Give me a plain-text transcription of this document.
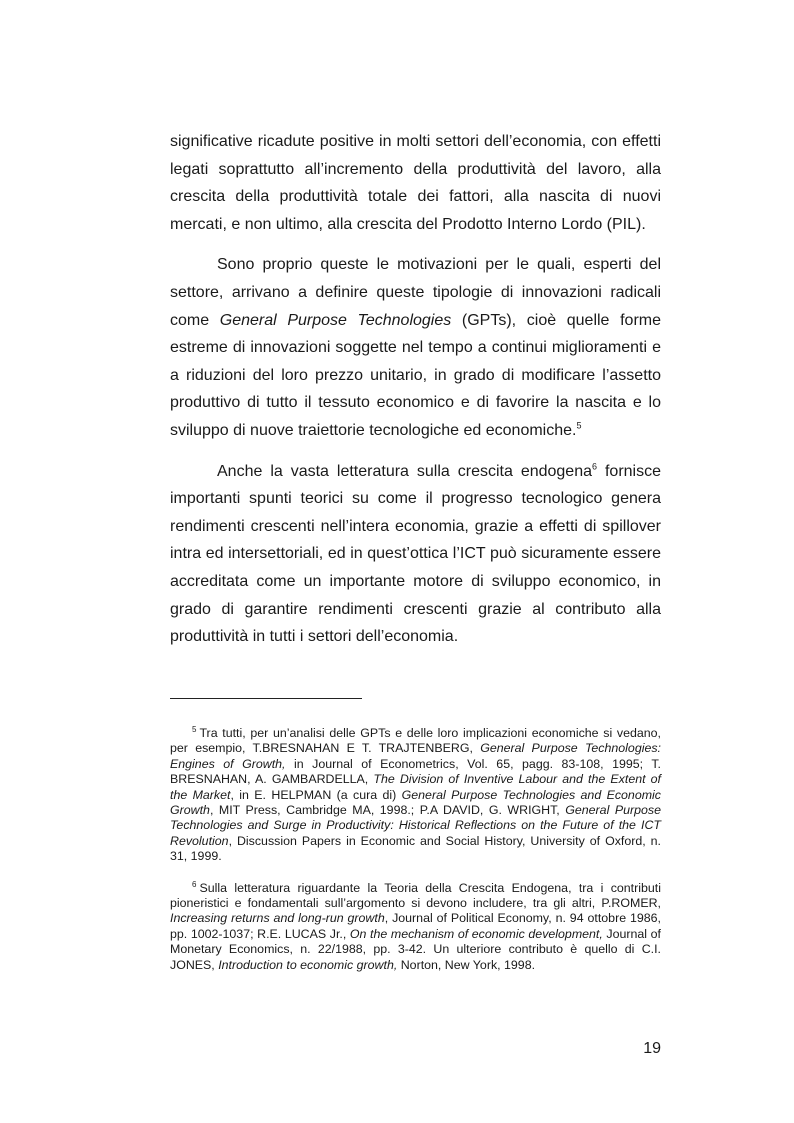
significative ricadute positive in molti settori dell’economia, con effetti legati soprattutto all’incremento della produttività del lavoro, alla crescita della produttività totale dei fattori, alla nascita di nuovi mercati, e non ultimo, alla crescita del Prodotto Interno Lordo (PIL).

Sono proprio queste le motivazioni per le quali, esperti del settore, arrivano a definire queste tipologie di innovazioni radicali come General Purpose Technologies (GPTs), cioè quelle forme estreme di innovazioni soggette nel tempo a continui miglioramenti e a riduzioni del loro prezzo unitario, in grado di modificare l’assetto produttivo di tutto il tessuto economico e di favorire la nascita e lo sviluppo di nuove traiettorie tecnologiche ed economiche.$^5$

Anche la vasta letteratura sulla crescita endogena$^6$ fornisce importanti spunti teorici su come il progresso tecnologico genera rendimenti crescenti nell’intera economia, grazie a effetti di spillover intra ed intersettoriali, ed in quest’ottica l’ICT può sicuramente essere accreditata come un importante motore di sviluppo economico, in grado di garantire rendimenti crescenti grazie al contributo alla produttività in tutti i settori dell’economia.

$^5$ Tra tutti, per un’analisi delle GPTs e delle loro implicazioni economiche si vedano, per esempio, T.BRESNAHAN E T. TRAJTENBERG, General Purpose Technologies: Engines of Growth, in Journal of Econometrics, Vol. 65, pagg. 83-108, 1995; T. BRESNAHAN, A. GAMBARDELLA, The Division of Inventive Labour and the Extent of the Market, in E. HELPMAN (a cura di) General Purpose Technologies and Economic Growth, MIT Press, Cambridge MA, 1998.; P.A DAVID, G. WRIGHT, General Purpose Technologies and Surge in Productivity: Historical Reflections on the Future of the ICT Revolution, Discussion Papers in Economic and Social History, University of Oxford, n. 31, 1999.

$^6$ Sulla letteratura riguardante la Teoria della Crescita Endogena, tra i contributi pioneristici e fondamentali sull’argomento si devono includere, tra gli altri, P.ROMER, Increasing returns and long-run growth, Journal of Political Economy, n. 94 ottobre 1986, pp. 1002-1037; R.E. LUCAS Jr., On the mechanism of economic development, Journal of Monetary Economics, n. 22/1988, pp. 3-42. Un ulteriore contributo è quello di C.I. JONES, Introduction to economic growth, Norton, New York, 1998.

19
